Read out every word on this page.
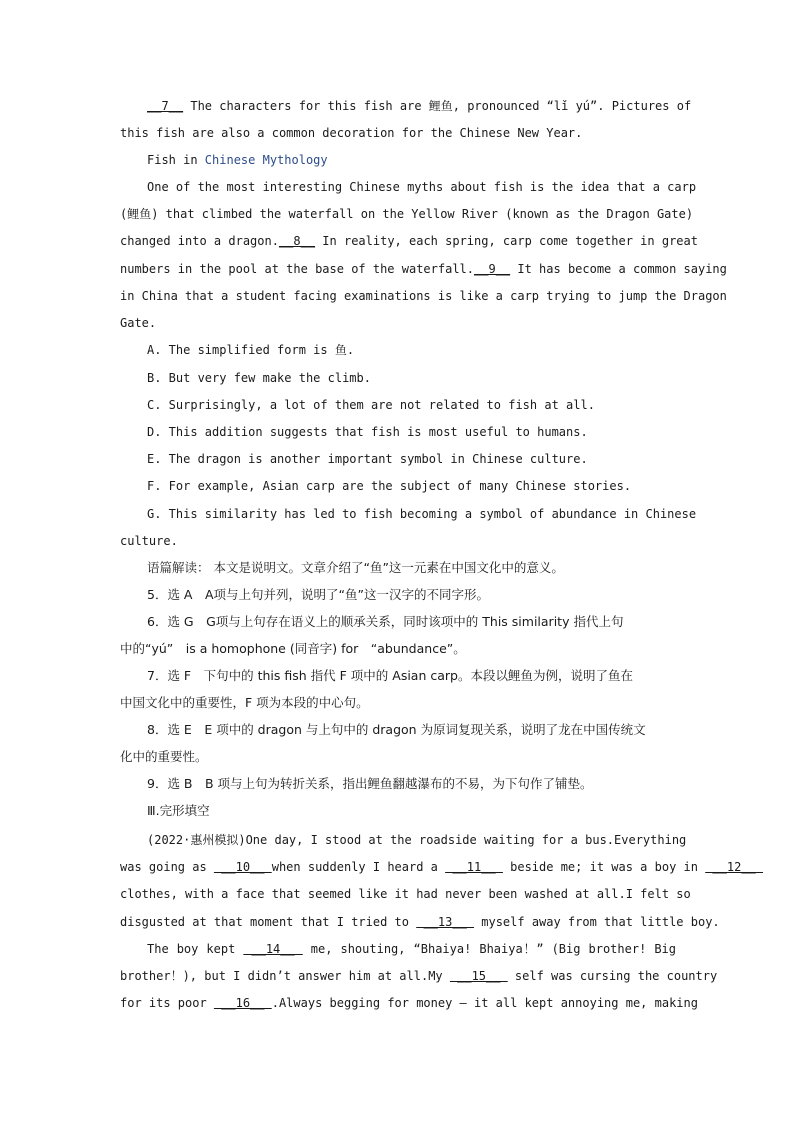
__7__ The characters for this fish are 鲤鱼, pronounced “lǐ yú”. Pictures of
this fish are also a common decoration for the Chinese New Year.
Fish in Chinese Mythology
One of the most interesting Chinese myths about fish is the idea that a carp
(鲤鱼) that climbed the waterfall on the Yellow River (known as the Dragon Gate)
changed into a dragon.__8__ In reality, each spring, carp come together in great
numbers in the pool at the base of the waterfall.__9__ It has become a common saying
in China that a student facing examinations is like a carp trying to jump the Dragon
Gate.
A. The simplified form is 鱼.
B. But very few make the climb.
C. Surprisingly, a lot of them are not related to fish at all.
D. This addition suggests that fish is most useful to humans.
E. The dragon is another important symbol in Chinese culture.
F. For example, Asian carp are the subject of many Chinese stories.
G. This similarity has led to fish becoming a symbol of abundance in Chinese
culture.
语篇解读： 本文是说明文。文章介绍了“鱼”这一元素在中国文化中的意义。
5．选 A　A项与上句并列，说明了“鱼”这一汉字的不同字形。
6．选 G　G项与上句存在语义上的顺承关系，同时该项中的 This similarity 指代上句
中的“yú”　is a homophone (同音字) for　“abundance”。
7．选 F　下句中的 this fish 指代 F 项中的 Asian carp。本段以鲤鱼为例，说明了鱼在
中国文化中的重要性，F 项为本段的中心句。
8．选 E　E 项中的 dragon 与上句中的 dragon 为原词复现关系，说明了龙在中国传统文
化中的重要性。
9．选 B　B 项与上句为转折关系，指出鲤鱼翻越瀑布的不易，为下句作了铺垫。
Ⅲ.完形填空
(2022·惠州模拟)One day, I stood at the roadside waiting for a bus.Everything
was going as  __10__ when suddenly I heard a  __11__  beside me; it was a boy in  __12__
clothes, with a face that seemed like it had never been washed at all.I felt so
disgusted at that moment that I tried to  __13__  myself away from that little boy.
The boy kept  __14__  me, shouting, “Bhaiya! Bhaiya！” (Big brother! Big
brother！), but I didn’t answer him at all.My  __15__  self was cursing the country
for its poor  __16__ .Always begging for money — it all kept annoying me, making
